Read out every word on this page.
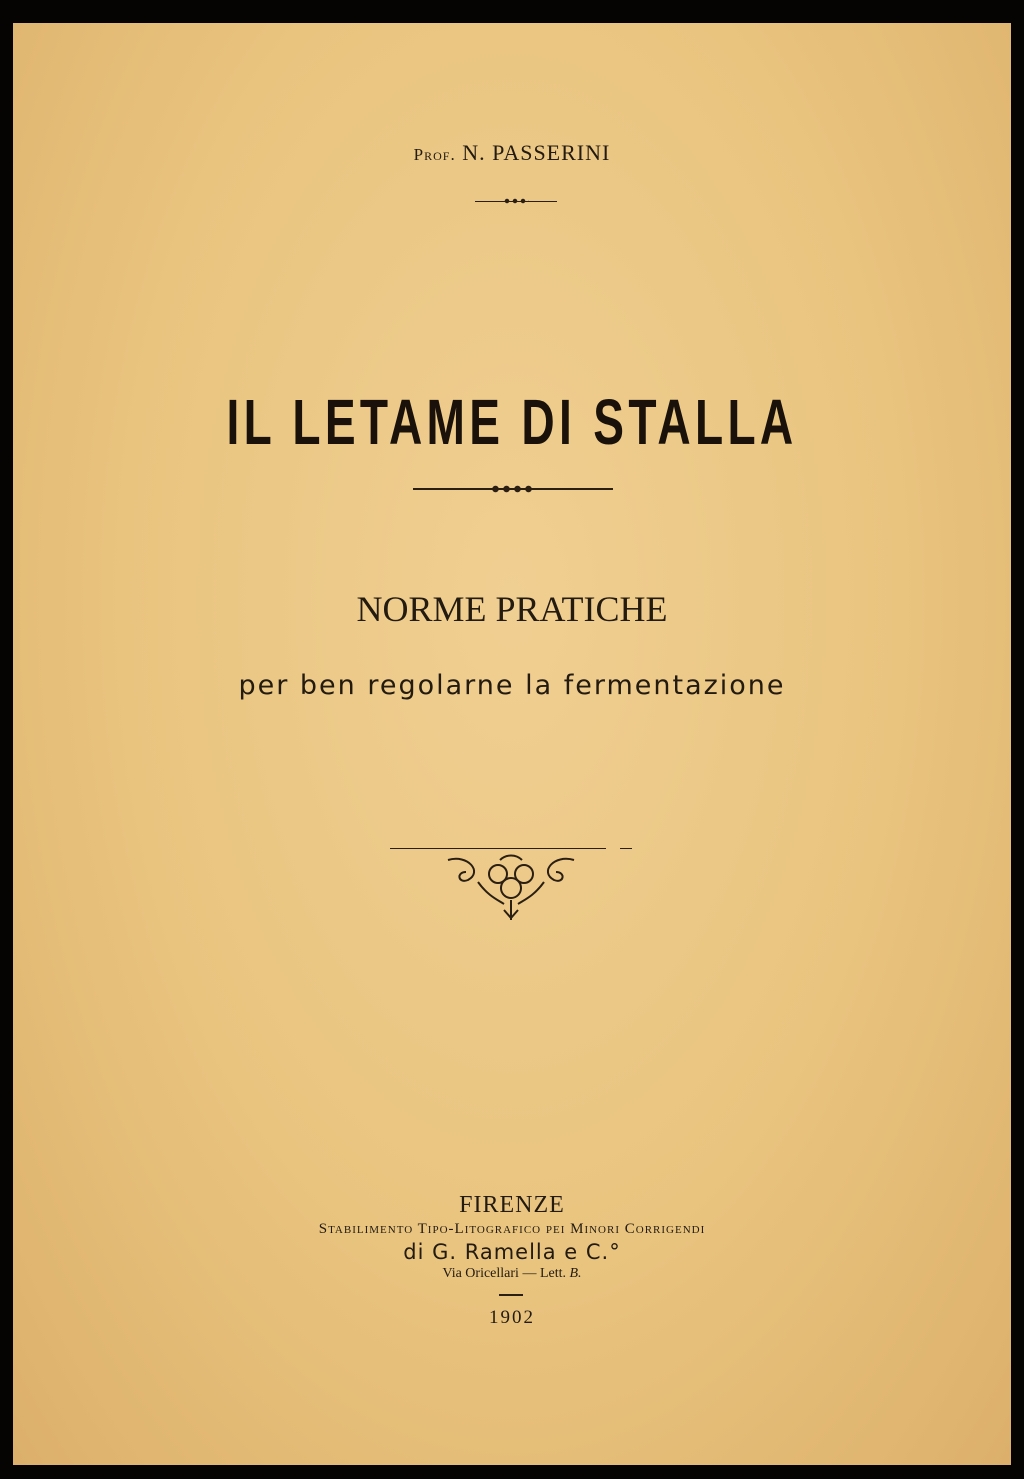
Prof. N. PASSERINI
IL LETAME DI STALLA
NORME PRATICHE
per ben regolarne la fermentazione
FIRENZE
Stabilimento Tipo-Litografico pei Minori Corrigendi
di G. Ramella e C.°
Via Oricellari — Lett. B.
1902
